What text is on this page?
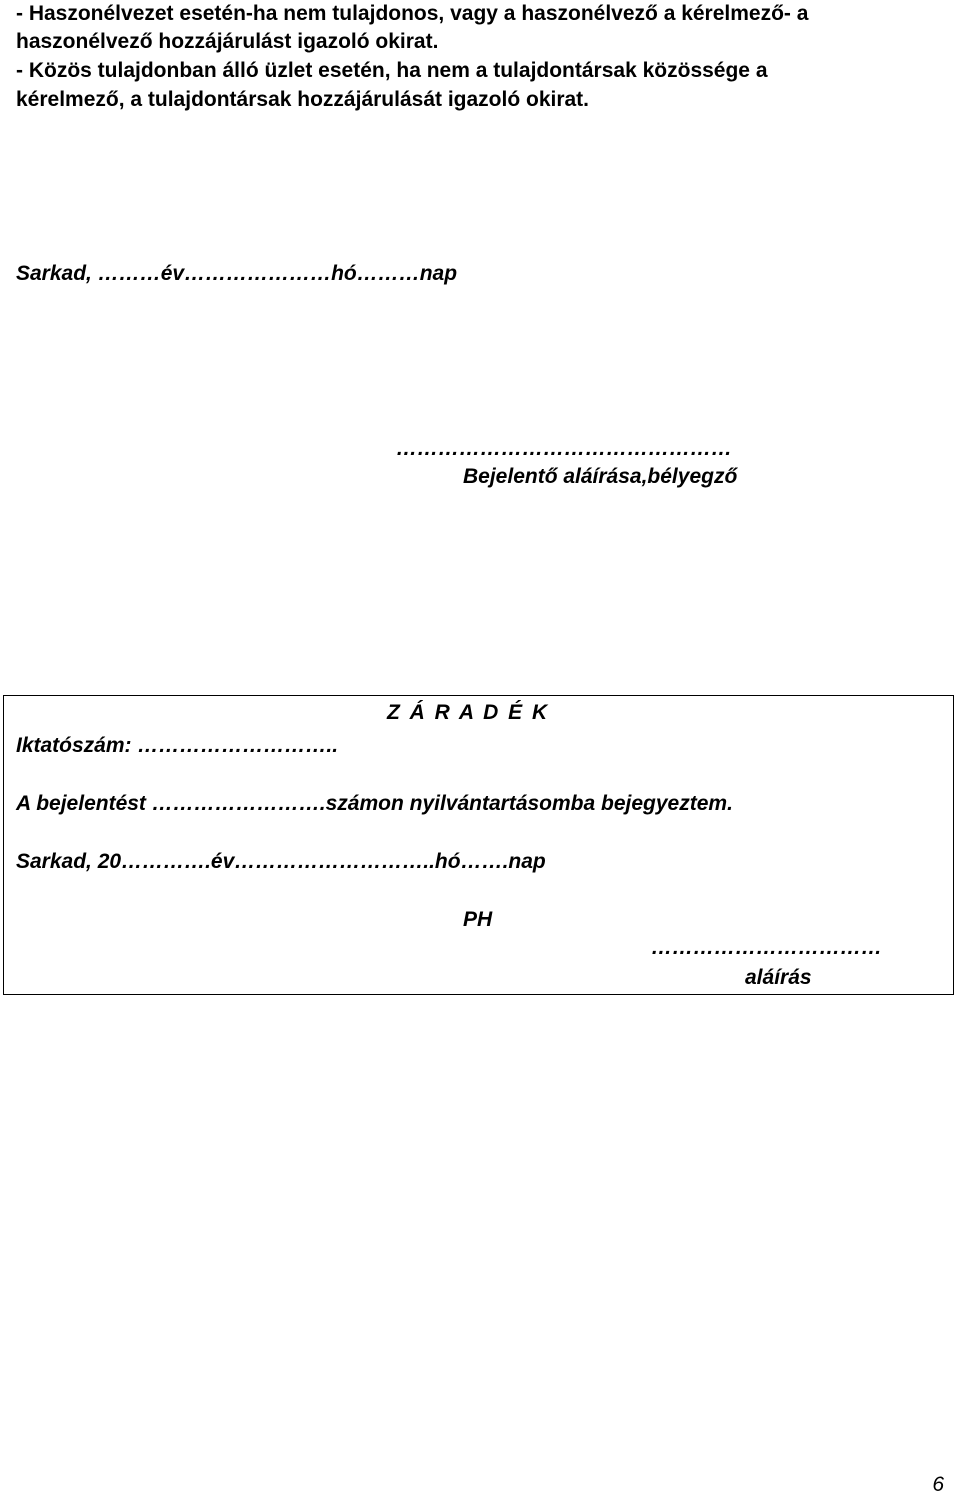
- Haszonélvezet esetén-ha nem tulajdonos, vagy a haszonélvező a kérelmező- a
haszonélvező hozzájárulást igazoló okirat.
- Közös tulajdonban álló üzlet esetén, ha nem a tulajdontársak közössége a
kérelmező, a tulajdontársak hozzájárulását igazoló okirat.
Sarkad, ………év…………………hó………nap
…………………………………………
Bejelentő aláírása,bélyegző
Z Á R A D É K
Iktatószám: ………………………..
A bejelentést …………………….számon nyilvántartásomba bejegyeztem.
Sarkad, 20………….év………………………..hó…….nap
PH
……………………………
aláírás
6
